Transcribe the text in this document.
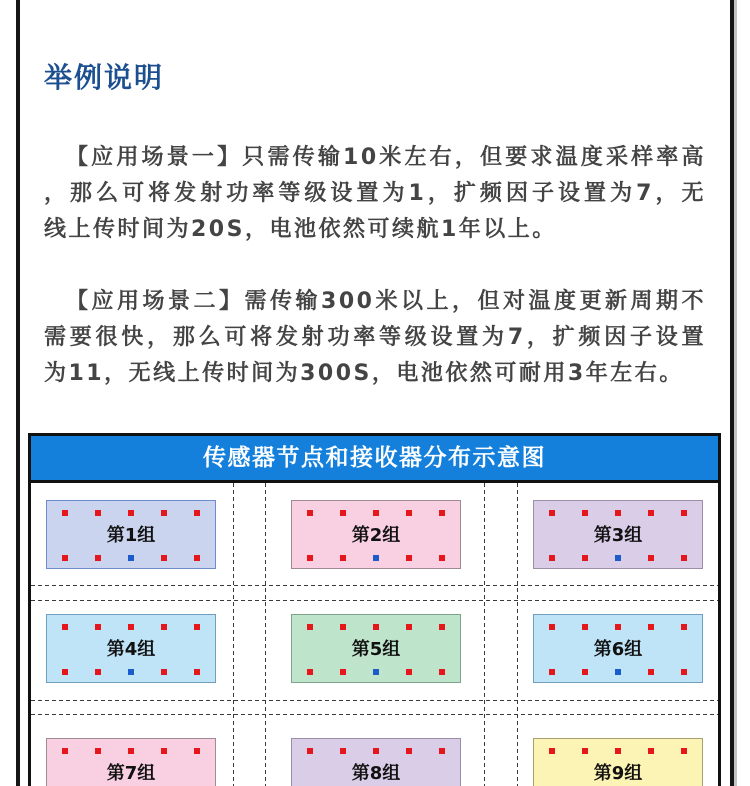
举例说明
【应用场景一】只需传输10米左右，但要求温度采样率高
，那么可将发射功率等级设置为1，扩频因子设置为7，无
线上传时间为20S，电池依然可续航1年以上。
【应用场景二】需传输300米以上，但对温度更新周期不
需要很快，那么可将发射功率等级设置为7，扩频因子设置
为11，无线上传时间为300S，电池依然可耐用3年左右。
传感器节点和接收器分布示意图
第1组	第2组	第3组
第4组	第5组	第6组
第7组	第8组	第9组
